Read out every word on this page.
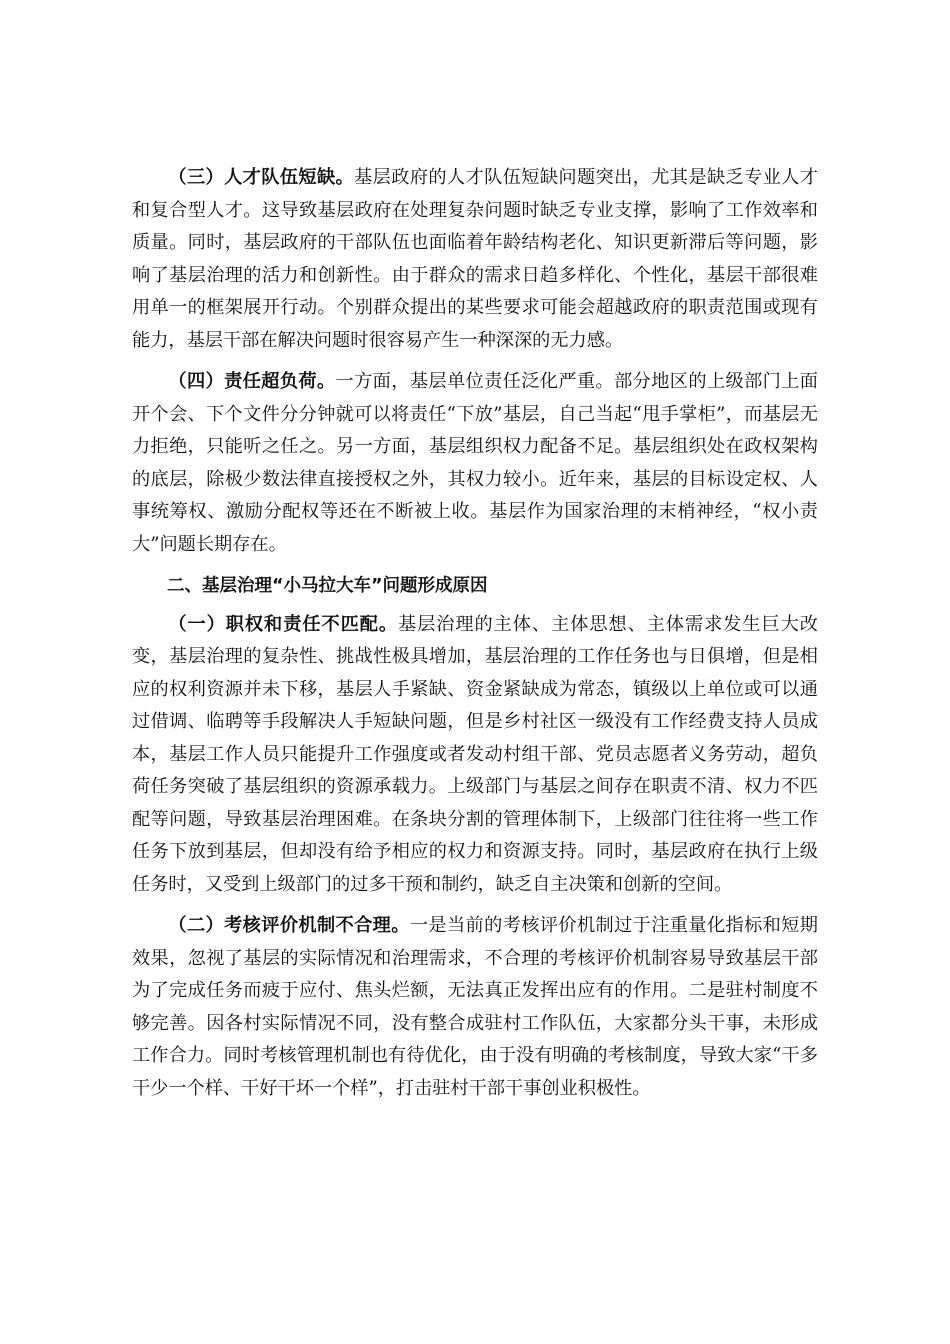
（三）人才队伍短缺。基层政府的人才队伍短缺问题突出，尤其是缺乏专业人才和复合型人才。这导致基层政府在处理复杂问题时缺乏专业支撑，影响了工作效率和质量。同时，基层政府的干部队伍也面临着年龄结构老化、知识更新滞后等问题，影响了基层治理的活力和创新性。由于群众的需求日趋多样化、个性化，基层干部很难用单一的框架展开行动。个别群众提出的某些要求可能会超越政府的职责范围或现有能力，基层干部在解决问题时很容易产生一种深深的无力感。

（四）责任超负荷。一方面，基层单位责任泛化严重。部分地区的上级部门上面开个会、下个文件分分钟就可以将责任“下放”基层，自己当起“甩手掌柜”，而基层无力拒绝，只能听之任之。另一方面，基层组织权力配备不足。基层组织处在政权架构的底层，除极少数法律直接授权之外，其权力较小。近年来，基层的目标设定权、人事统筹权、激励分配权等还在不断被上收。基层作为国家治理的末梢神经，“权小责大”问题长期存在。

二、基层治理“小马拉大车”问题形成原因

（一）职权和责任不匹配。基层治理的主体、主体思想、主体需求发生巨大改变，基层治理的复杂性、挑战性极具增加，基层治理的工作任务也与日俱增，但是相应的权利资源并未下移，基层人手紧缺、资金紧缺成为常态，镇级以上单位或可以通过借调、临聘等手段解决人手短缺问题，但是乡村社区一级没有工作经费支持人员成本，基层工作人员只能提升工作强度或者发动村组干部、党员志愿者义务劳动，超负荷任务突破了基层组织的资源承载力。上级部门与基层之间存在职责不清、权力不匹配等问题，导致基层治理困难。在条块分割的管理体制下，上级部门往往将一些工作任务下放到基层，但却没有给予相应的权力和资源支持。同时，基层政府在执行上级任务时，又受到上级部门的过多干预和制约，缺乏自主决策和创新的空间。

（二）考核评价机制不合理。一是当前的考核评价机制过于注重量化指标和短期效果，忽视了基层的实际情况和治理需求，不合理的考核评价机制容易导致基层干部为了完成任务而疲于应付、焦头烂额，无法真正发挥出应有的作用。二是驻村制度不够完善。因各村实际情况不同，没有整合成驻村工作队伍，大家都分头干事，未形成工作合力。同时考核管理机制也有待优化，由于没有明确的考核制度，导致大家“干多干少一个样、干好干坏一个样”，打击驻村干部干事创业积极性。
